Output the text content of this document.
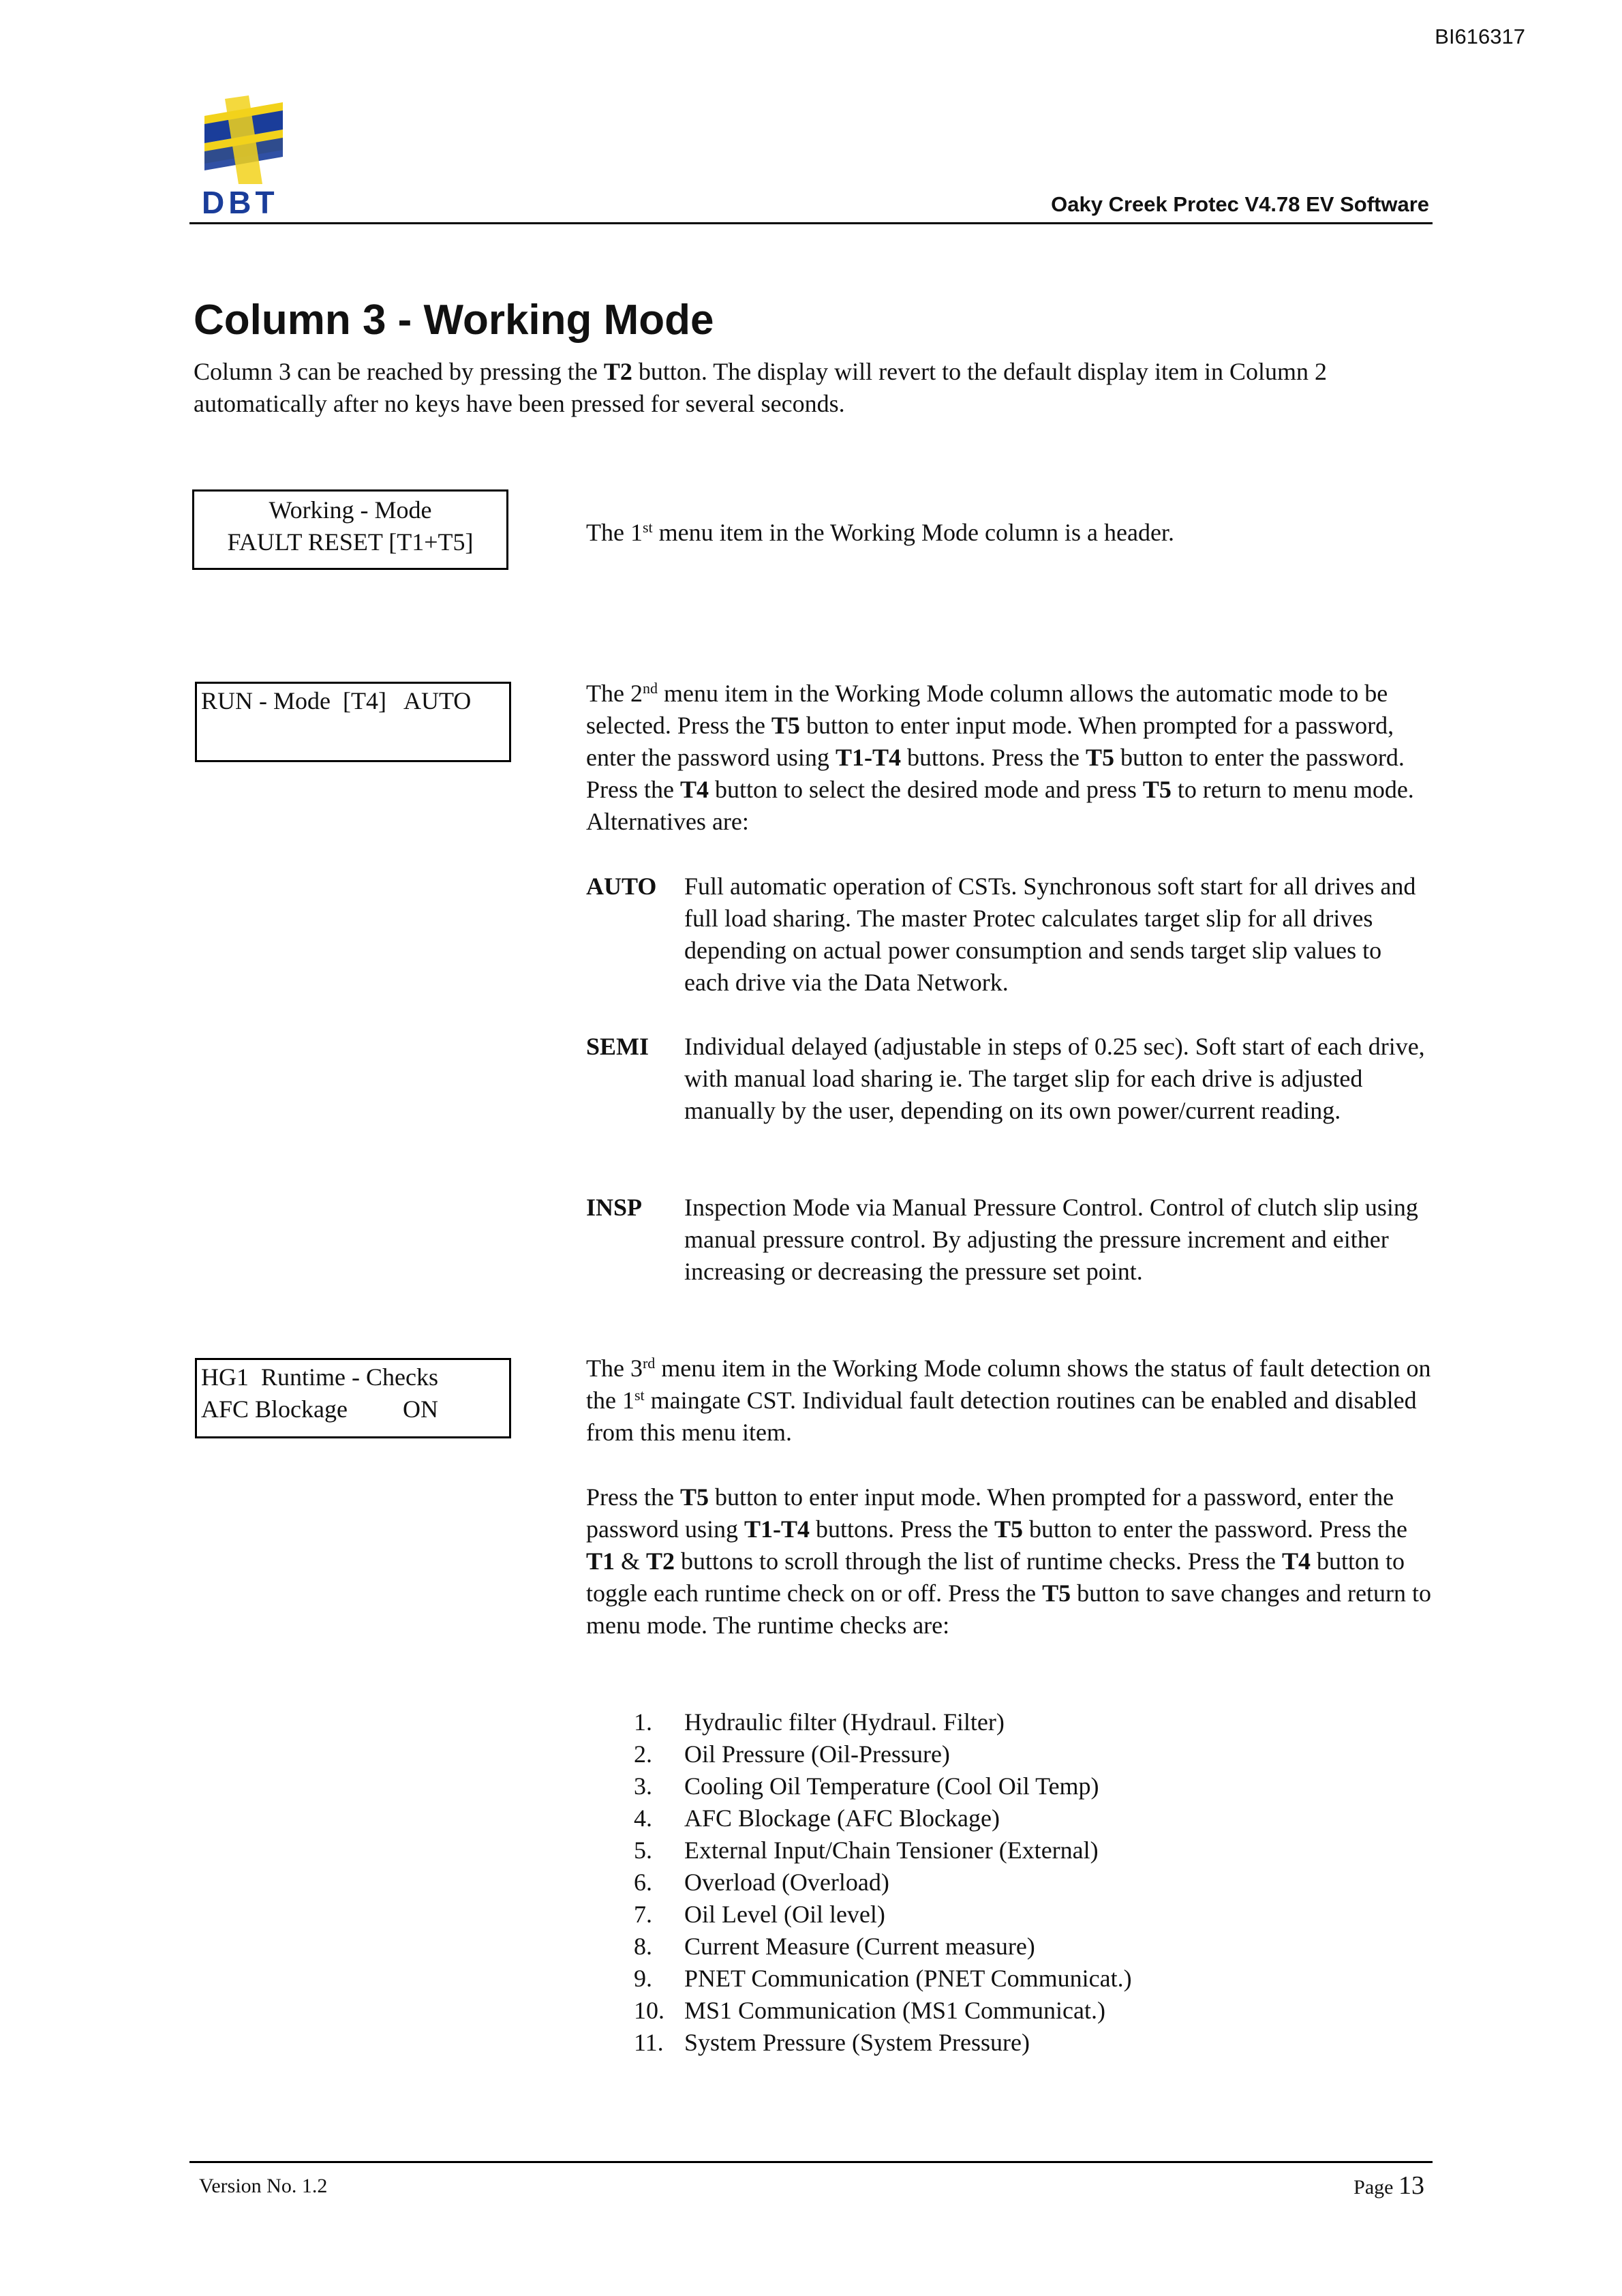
BI616317
DBT	Oaky Creek Protec V4.78 EV Software
Column 3 - Working Mode
Column 3 can be reached by pressing the T2 button. The display will revert to the default display item in Column 2 automatically after no keys have been pressed for several seconds.
Working - Mode
FAULT RESET [T1+T5]	The 1st menu item in the Working Mode column is a header.
RUN - Mode  [T4]   AUTO	The 2nd menu item in the Working Mode column allows the automatic mode to be selected. Press the T5 button to enter input mode. When prompted for a password, enter the password using T1-T4 buttons. Press the T5 button to enter the password. Press the T4 button to select the desired mode and press T5 to return to menu mode. Alternatives are:
AUTO Full automatic operation of CSTs. Synchronous soft start for all drives and full load sharing. The master Protec calculates target slip for all drives depending on actual power consumption and sends target slip values to each drive via the Data Network.
SEMI Individual delayed (adjustable in steps of 0.25 sec). Soft start of each drive, with manual load sharing ie. The target slip for each drive is adjusted manually by the user, depending on its own power/current reading.
INSP Inspection Mode via Manual Pressure Control. Control of clutch slip using manual pressure control. By adjusting the pressure increment and either increasing or decreasing the pressure set point.
HG1  Runtime - Checks
AFC Blockage         ON
The 3rd menu item in the Working Mode column shows the status of fault detection on the 1st maingate CST. Individual fault detection routines can be enabled and disabled from this menu item.
Press the T5 button to enter input mode. When prompted for a password, enter the password using T1-T4 buttons. Press the T5 button to enter the password. Press the T1 & T2 buttons to scroll through the list of runtime checks. Press the T4 button to toggle each runtime check on or off. Press the T5 button to save changes and return to menu mode. The runtime checks are:
1.	Hydraulic filter (Hydraul. Filter)
2.	Oil Pressure (Oil-Pressure)
3.	Cooling Oil Temperature (Cool Oil Temp)
4.	AFC Blockage (AFC Blockage)
5.	External Input/Chain Tensioner (External)
6.	Overload (Overload)
7.	Oil Level (Oil level)
8.	Current Measure (Current measure)
9.	PNET Communication (PNET Communicat.)
10. MS1 Communication (MS1 Communicat.)
11. System Pressure (System Pressure)
Version No. 1.2	Page 13
